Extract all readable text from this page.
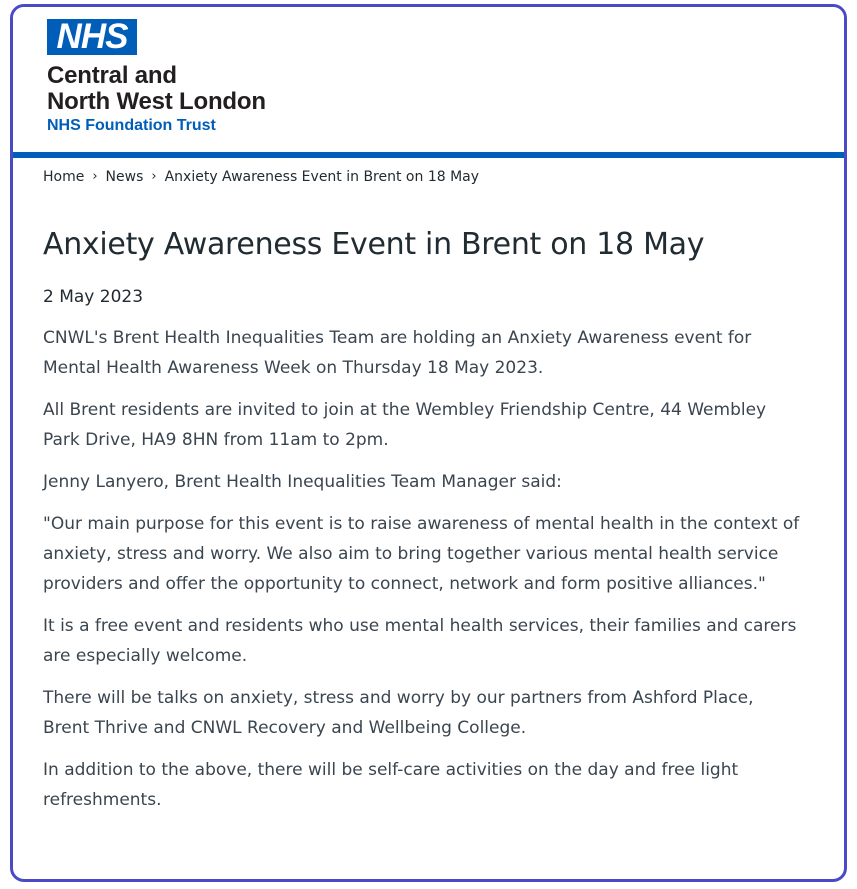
NHS
Central and
North West London
NHS Foundation Trust
Home › News › Anxiety Awareness Event in Brent on 18 May
Anxiety Awareness Event in Brent on 18 May

2 May 2023

CNWL's Brent Health Inequalities Team are holding an Anxiety Awareness event for Mental Health Awareness Week on Thursday 18 May 2023.

All Brent residents are invited to join at the Wembley Friendship Centre, 44 Wembley Park Drive, HA9 8HN from 11am to 2pm.

Jenny Lanyero, Brent Health Inequalities Team Manager said:

"Our main purpose for this event is to raise awareness of mental health in the context of anxiety, stress and worry. We also aim to bring together various mental health service providers and offer the opportunity to connect, network and form positive alliances."

It is a free event and residents who use mental health services, their families and carers are especially welcome.

There will be talks on anxiety, stress and worry by our partners from Ashford Place, Brent Thrive and CNWL Recovery and Wellbeing College.

In addition to the above, there will be self-care activities on the day and free light refreshments.
